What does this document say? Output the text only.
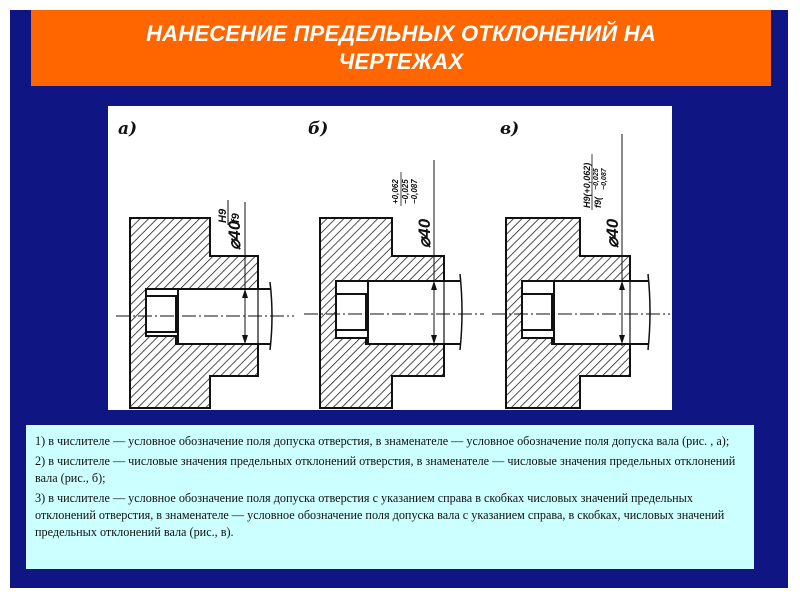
НАНЕСЕНИЕ ПРЕДЕЛЬНЫХ ОТКЛОНЕНИЙ НА
ЧЕРТЕЖАХ
а)
⌀40
H9 f9
б)
⌀40
+0,062 −0,025 −0,087
в)
⌀40
H9(+0,062) f9(
−0,025 −0,087

1) в числителе — условное обозначение поля допуска отверстия, в знаменателе — условное обозначение поля допуска вала (рис. , а);

2) в числителе — числовые значения предельных отклонений отверстия, в знаменателе — числовые значения предельных отклонений вала (рис., б);

3) в числителе — условное обозначение поля допуска отверстия с указанием справа в скобках числовых значений предельных отклонений отверстия, в знаменателе — условное обозначение поля допуска вала с указанием справа, в скобках, числовых значений предельных отклонений вала (рис., в).
